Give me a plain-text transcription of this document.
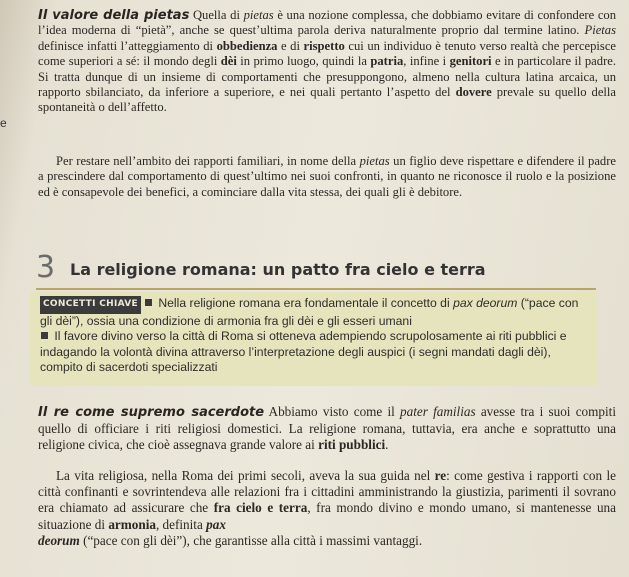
e

Il valore della pietas Quella di pietas è una nozione complessa, che dobbiamo evitare di confondere con l’idea moderna di “pietà”, anche se quest’ultima parola deriva naturalmente proprio dal termine latino. Pietas definisce infatti l’atteggiamento di obbedienza e di rispetto cui un individuo è tenuto verso realtà che percepisce come superiori a sé: il mondo degli dèi in primo luogo, quindi la patria, infine i genitori e in particolare il padre. Si tratta dunque di un insieme di comportamenti che presuppongono, almeno nella cultura latina arcaica, un rapporto sbilanciato, da inferiore a superiore, e nei quali pertanto l’aspetto del dovere prevale su quello della spontaneità o dell’affetto.

Per restare nell’ambito dei rapporti familiari, in nome della pietas un figlio deve rispettare e difendere il padre a prescindere dal comportamento di quest’ultimo nei suoi confronti, in quanto ne riconosce il ruolo e la posizione ed è consapevole dei benefici, a cominciare dalla vita stessa, dei quali gli è debitore.

3 La religione romana: un patto fra cielo e terra

CONCETTI CHIAVE Nella religione romana era fondamentale il concetto di pax deorum (“pace con gli dèi”), ossia una condizione di armonia fra gli dèi e gli esseri umani
Il favore divino verso la città di Roma si otteneva adempiendo scrupolosamente ai riti pubblici e indagando la volontà divina attraverso l’interpretazione degli auspici (i segni mandati dagli dèi), compito di sacerdoti specializzati

Il re come supremo sacerdote Abbiamo visto come il pater familias avesse tra i suoi compiti quello di officiare i riti religiosi domestici. La religione romana, tuttavia, era anche e soprattutto una religione civica, che cioè assegnava grande valore ai riti pubblici.

La vita religiosa, nella Roma dei primi secoli, aveva la sua guida nel re: come gestiva i rapporti con le città confinanti e sovrintendeva alle relazioni fra i cittadini amministrando la giustizia, parimenti il sovrano era chiamato ad assicurare che fra cielo e terra, fra mondo divino e mondo umano, si mantenesse una situazione di armonia, definita pax
deorum (“pace con gli dèi”), che garantisse alla città i massimi vantaggi.
